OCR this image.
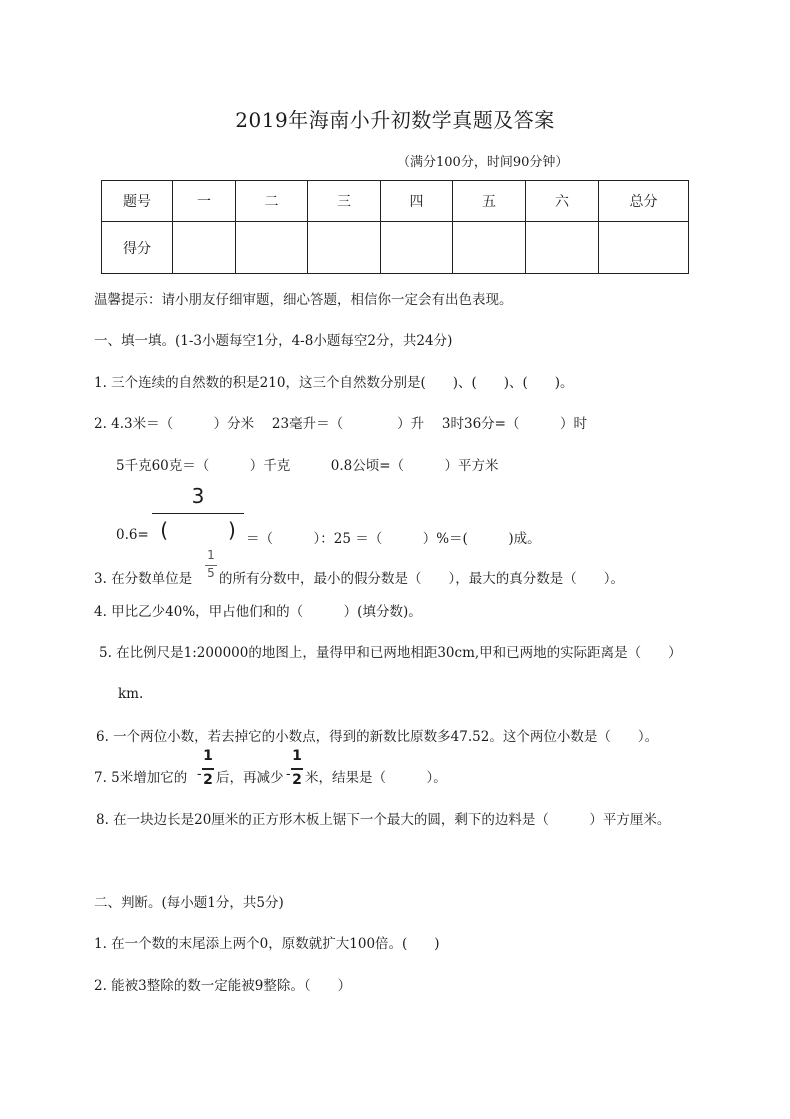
2019年海南小升初数学真题及答案
（满分100分，时间90分钟）
题号	一	二	三	四	五	六	总分
得分							
温馨提示：请小朋友仔细审题，细心答题，相信你一定会有出色表现。
一、填一填。(1-3小题每空1分，4-8小题每空2分，共24分)
1. 三个连续的自然数的积是210，这三个自然数分别是(　　)、(　　)、(　　)。
2. 4.3米＝（　　　）分米　 23毫升＝（　　　　）升　 3时36分=（　　　）时
5千克60克＝（　　　）千克　　　0.8公顷=（　　　）平方米
0.6=
3
(　　　) ＝（　　　）：25 ＝（　　　）%＝(　　　)成。
3. 在分数单位是
1
5 的所有分数中，最小的假分数是（　　），最大的真分数是（　　）。
4. 甲比乙少40%，甲占他们和的（　　　）(填分数)。
5. 在比例尺是1:200000的地图上，量得甲和已两地相距30cm,甲和已两地的实际距离是（　　）
km.
6. 一个两位小数，若去掉它的小数点，得到的新数比原数多47.52。这个两位小数是（　　）。
7. 5米增加它的 -
1
2 后，再减少 -
1
2 米，结果是（　　　）。
8. 在一块边长是20厘米的正方形木板上锯下一个最大的圆，剩下的边料是（　　　）平方厘米。
二、判断。(每小题1分，共5分)
1. 在一个数的末尾添上两个0，原数就扩大100倍。(　　)
2. 能被3整除的数一定能被9整除。（　　）
